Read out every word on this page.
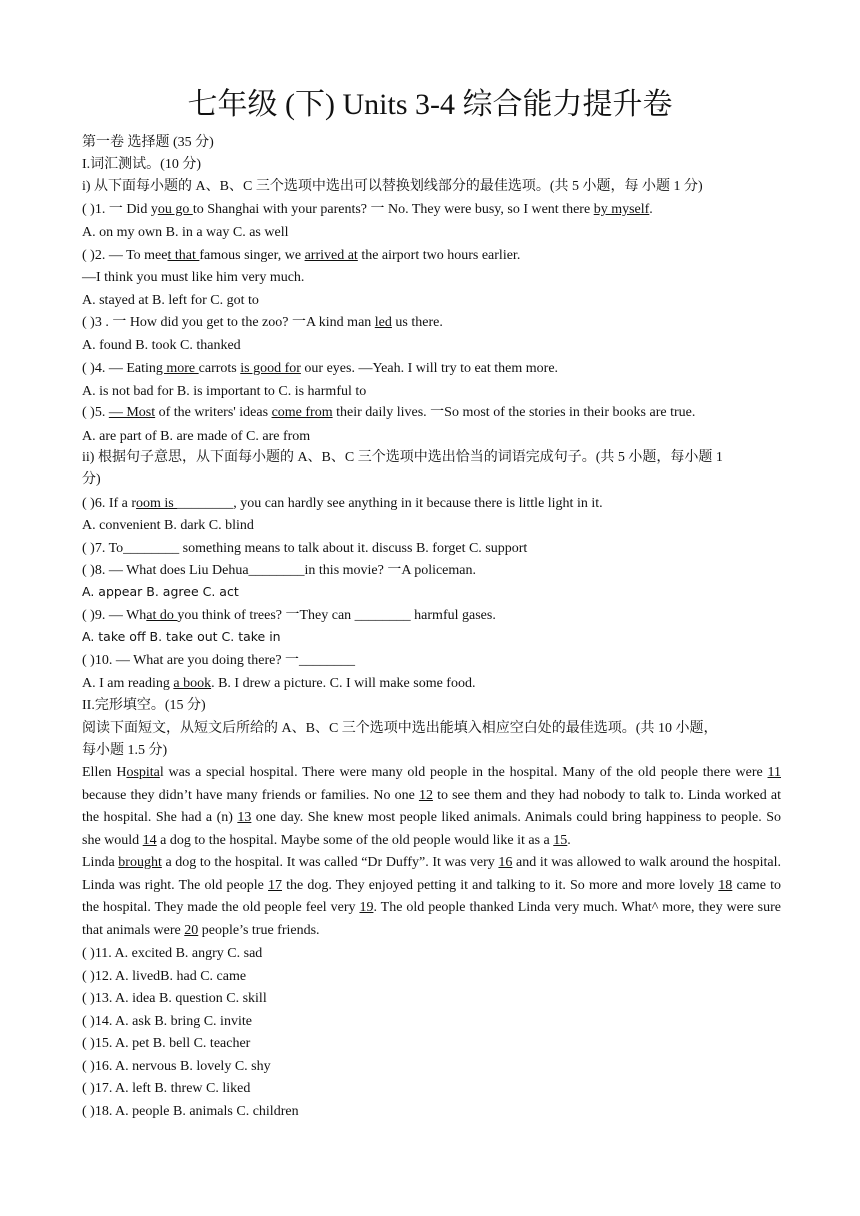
七年级 (下) Units 3-4 综合能力提升卷
第一卷 选择题 (35 分)
I.词汇测试。(10 分)
i) 从下面每小题的 A、B、C 三个选项中选出可以替换划线部分的最佳选项。(共 5 小题，每 小题 1 分)
( )1. 一 Did you go to Shanghai with your parents? 一 No. They were busy, so I went there by myself.
A. on my own B. in a way C. as well
( )2. — To meet that famous singer, we arrived at the airport two hours earlier.
—I think you must like him very much.
A. stayed at B. left for C. got to
( )3 . 一 How did you get to the zoo? 一A kind man led us there.
A. found B. took C. thanked
( )4. — Eating more carrots is good for our eyes. —Yeah. I will try to eat them more.
A. is not bad for B. is important to C. is harmful to
( )5. — Most of the writers' ideas come from their daily lives. 一So most of the stories in their books are true.
A. are part of B. are made of C. are from
ii) 根据句子意思，从下面每小题的 A、B、C 三个选项中选出恰当的词语完成句子。(共 5 小题，每小题 1
分)
( )6. If a room is ________, you can hardly see anything in it because there is little light in it.
A. convenient B. dark C. blind
( )7. To________ something means to talk about it. discuss B. forget C. support
( )8. — What does Liu Dehua________in this movie? 一A policeman.
A. appear B. agree C. act
( )9. — What do you think of trees? 一They can ________ harmful gases.
A. take off B. take out C. take in
( )10. — What are you doing there? 一________
A. I am reading a book. B. I drew a picture. C. I will make some food.
II.完形填空。(15 分)
阅读下面短文，从短文后所给的 A、B、C 三个选项中选出能填入相应空白处的最佳选项。(共 10 小题，
每小题 1.5 分)
Ellen Hospital was a special hospital. There were many old people in the hospital. Many of the old people there were 11 because they didn’t have many friends or families. No one 12 to see them and they had nobody to talk to. Linda worked at the hospital. She had a (n) 13 one day. She knew most people liked animals. Animals could bring happiness to people. So she would 14 a dog to the hospital. Maybe some of the old people would like it as a 15.
Linda brought a dog to the hospital. It was called “Dr Duffy”. It was very 16 and it was allowed to walk around the hospital. Linda was right. The old people 17 the dog. They enjoyed petting it and talking to it. So more and more lovely 18 came to the hospital. They made the old people feel very 19. The old people thanked Linda very much. What^ more, they were sure that animals were 20 people’s true friends.
( )11. A. excited B. angry C. sad
( )12. A. livedB. had C. came
( )13. A. idea B. question C. skill
( )14. A. ask B. bring C. invite
( )15. A. pet B. bell C. teacher
( )16. A. nervous B. lovely C. shy
( )17. A. left B. threw C. liked
( )18. A. people B. animals C. children
